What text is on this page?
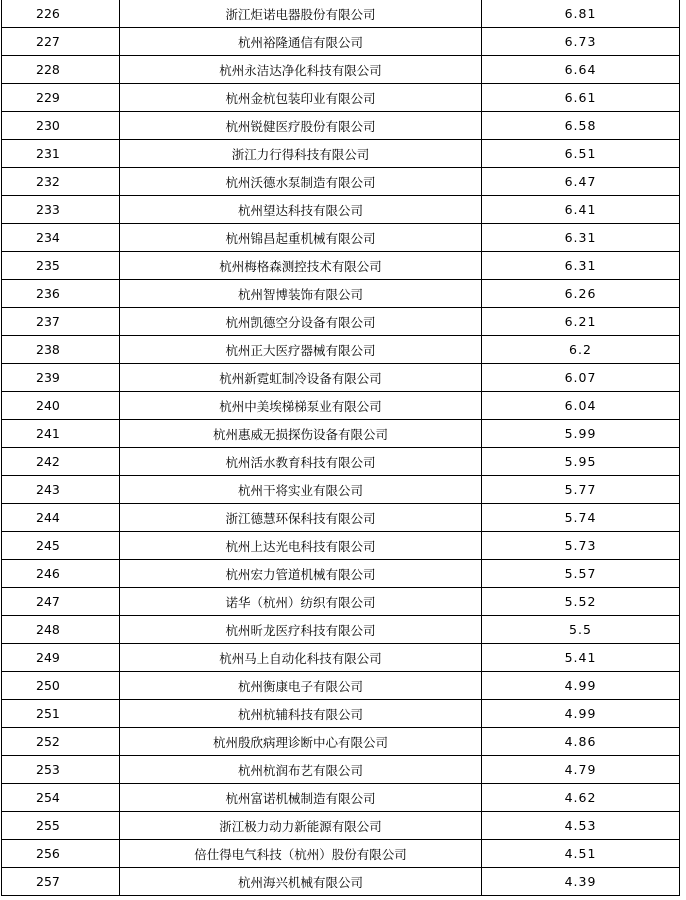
226	浙江炬诺电器股份有限公司	6.81
227	杭州裕隆通信有限公司	6.73
228	杭州永洁达净化科技有限公司	6.64
229	杭州金杭包装印业有限公司	6.61
230	杭州锐健医疗股份有限公司	6.58
231	浙江力行得科技有限公司	6.51
232	杭州沃德水泵制造有限公司	6.47
233	杭州望达科技有限公司	6.41
234	杭州锦昌起重机械有限公司	6.31
235	杭州梅格森测控技术有限公司	6.31
236	杭州智博装饰有限公司	6.26
237	杭州凯德空分设备有限公司	6.21
238	杭州正大医疗器械有限公司	6.2
239	杭州新霓虹制冷设备有限公司	6.07
240	杭州中美埃梯梯泵业有限公司	6.04
241	杭州惠威无损探伤设备有限公司	5.99
242	杭州活水教育科技有限公司	5.95
243	杭州干将实业有限公司	5.77
244	浙江德慧环保科技有限公司	5.74
245	杭州上达光电科技有限公司	5.73
246	杭州宏力管道机械有限公司	5.57
247	诺华（杭州）纺织有限公司	5.52
248	杭州昕龙医疗科技有限公司	5.5
249	杭州马上自动化科技有限公司	5.41
250	杭州衡康电子有限公司	4.99
251	杭州杭辅科技有限公司	4.99
252	杭州殷欣病理诊断中心有限公司	4.86
253	杭州杭润布艺有限公司	4.79
254	杭州富诺机械制造有限公司	4.62
255	浙江极力动力新能源有限公司	4.53
256	倍仕得电气科技（杭州）股份有限公司	4.51
257	杭州海兴机械有限公司	4.39
